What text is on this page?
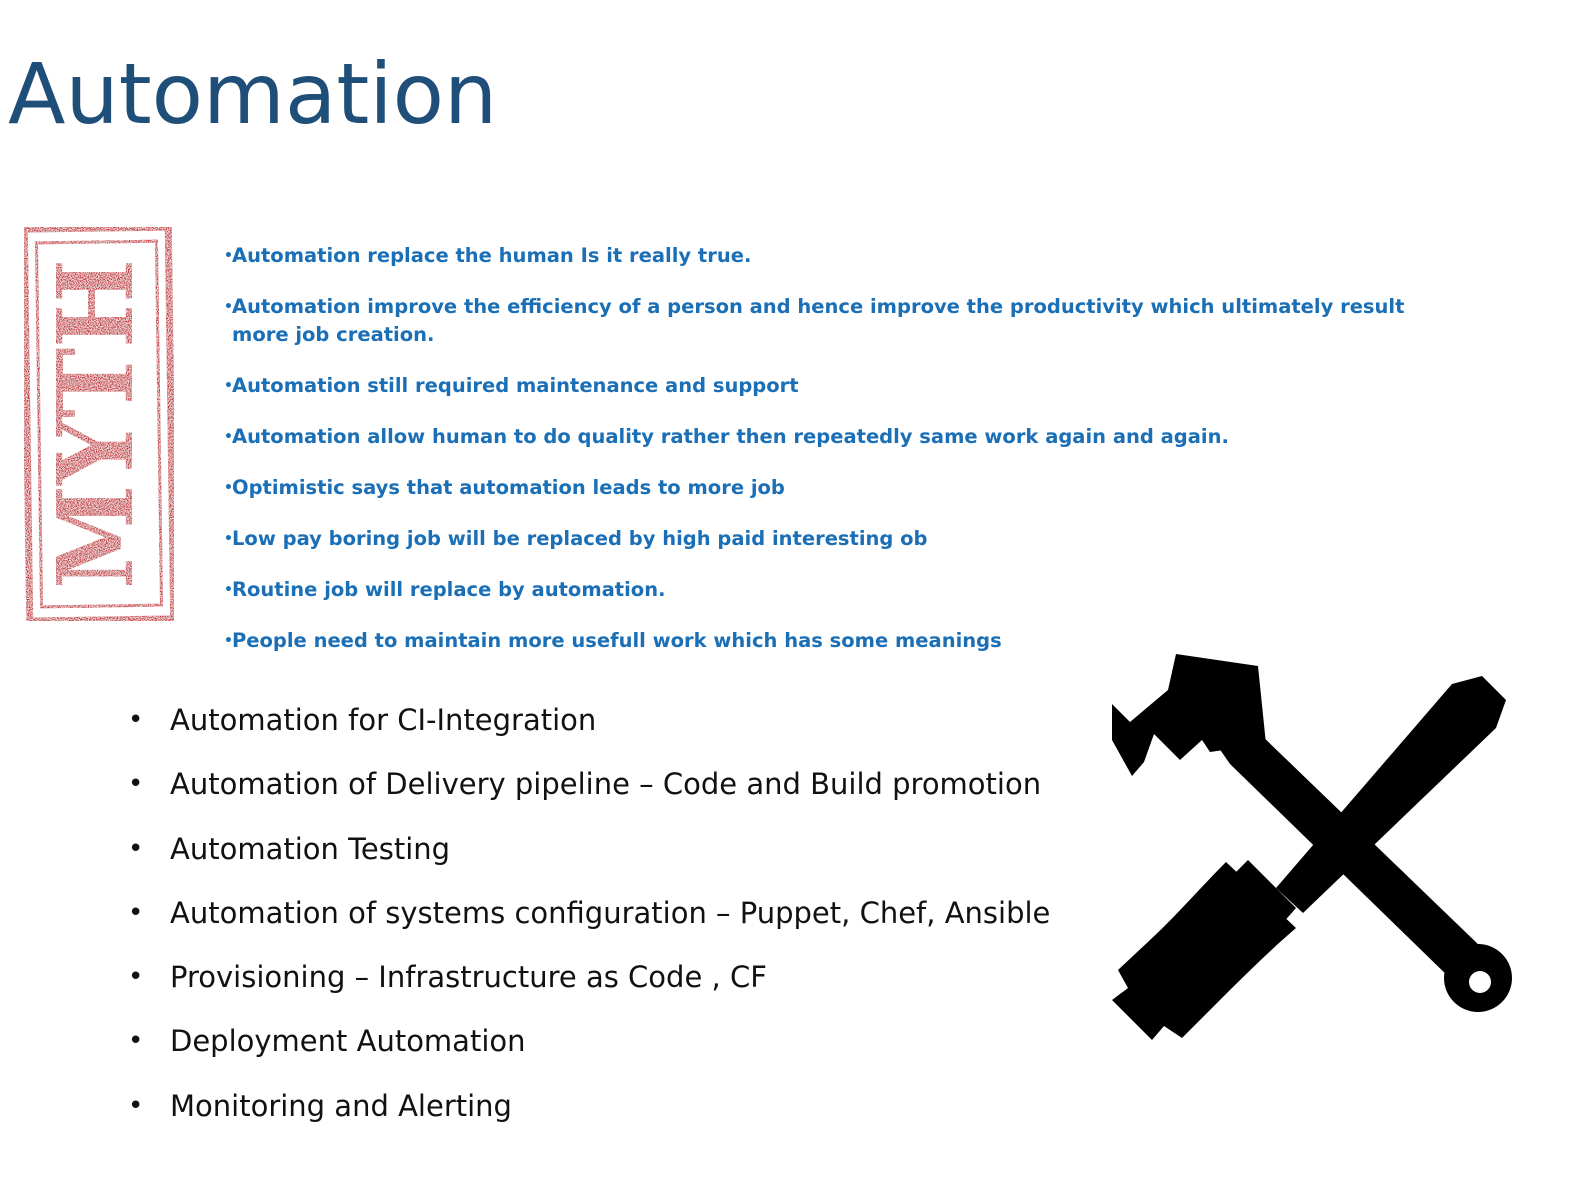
Automation
MYTH	• Automation replace the human Is it really true.
• Automation improve the efficiency of a person and hence improve the productivity which ultimately result more job creation.
• Automation still required maintenance and support
• Automation allow human to do quality rather then repeatedly same work again and again.
• Optimistic says that automation leads to more job
• Low pay boring job will be replaced by high paid interesting ob
• Routine job will replace by automation.
• People need to maintain more usefull work which has some meanings
• Automation for CI-Integration
• Automation of Delivery pipeline – Code and Build promotion
• Automation Testing
• Automation of systems configuration – Puppet, Chef, Ansible
• Provisioning – Infrastructure as Code , CF
• Deployment Automation
• Monitoring and Alerting
